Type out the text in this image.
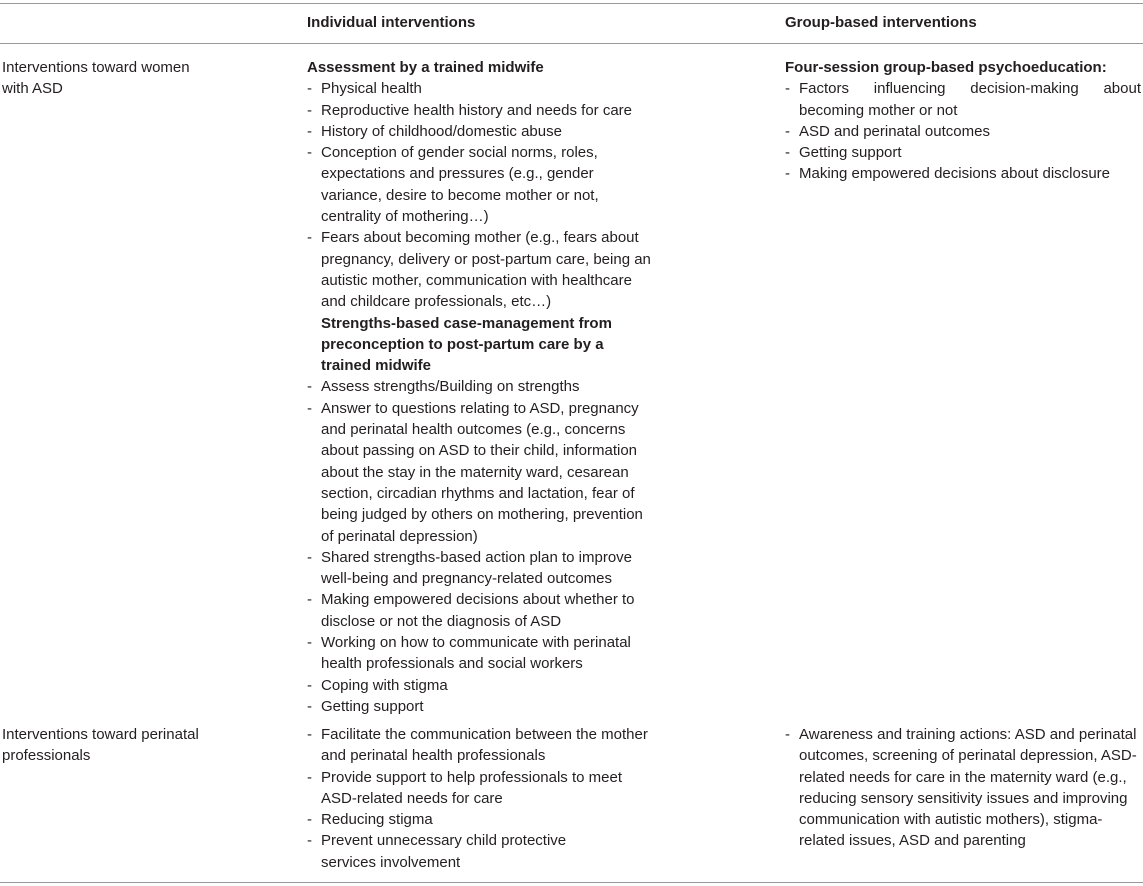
Individual interventions	Group-based interventions
Interventions toward women with ASD

Assessment by a trained midwife

- Physical health
- Reproductive health history and needs for care
- History of childhood/domestic abuse
- Conception of gender social norms, roles, expectations and pressures (e.g., gender variance, desire to become mother or not, centrality of mothering…)
- Fears about becoming mother (e.g., fears about pregnancy, delivery or post-partum care, being an autistic mother, communication with healthcare and childcare professionals, etc…)

Strengths-based case-management from preconception to post-partum care by a trained midwife

- Assess strengths/Building on strengths
- Answer to questions relating to ASD, pregnancy and perinatal health outcomes (e.g., concerns about passing on ASD to their child, information about the stay in the maternity ward, cesarean section, circadian rhythms and lactation, fear of being judged by others on mothering, prevention of perinatal depression)
- Shared strengths-based action plan to improve well-being and pregnancy-related outcomes
- Making empowered decisions about whether to disclose or not the diagnosis of ASD
- Working on how to communicate with perinatal health professionals and social workers
- Coping with stigma
- Getting support

Four-session group-based psychoeducation:

- Factors influencing decision-making about becoming mother or not
- ASD and perinatal outcomes
- Getting support
- Making empowered decisions about disclosure
Interventions toward perinatal professionals
- Facilitate the communication between the mother and perinatal health professionals
- Provide support to help professionals to meet ASD-related needs for care
- Reducing stigma
- Prevent unnecessary child protective services involvement
- Awareness and training actions: ASD and perinatal outcomes, screening of perinatal depression, ASD-related needs for care in the maternity ward (e.g., reducing sensory sensitivity issues and improving communication with autistic mothers), stigma-related issues, ASD and parenting
